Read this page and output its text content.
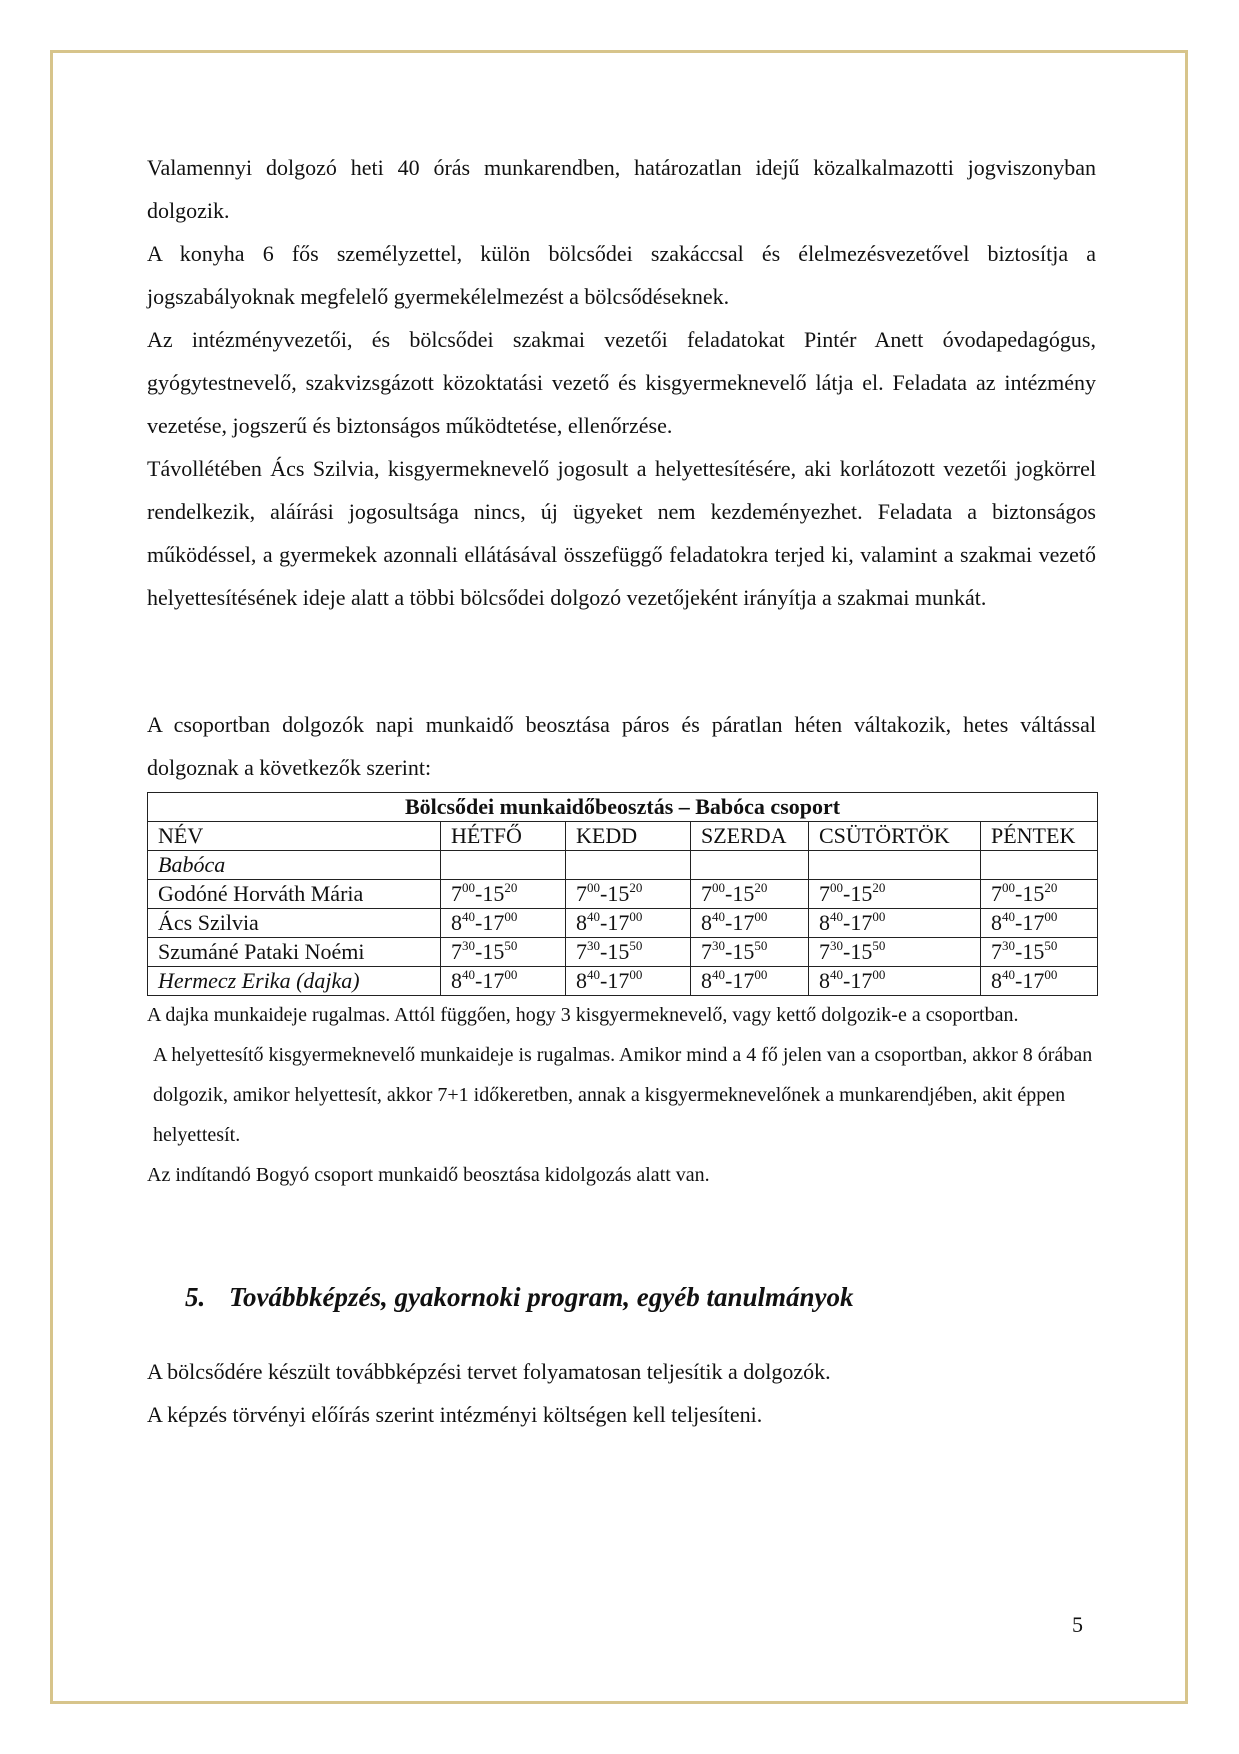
Valamennyi dolgozó heti 40 órás munkarendben, határozatlan idejű közalkalmazotti jogviszonyban dolgozik.

A konyha 6 fős személyzettel, külön bölcsődei szakáccsal és élelmezésvezetővel biztosítja a jogszabályoknak megfelelő gyermekélelmezést a bölcsődéseknek.

Az intézményvezetői, és bölcsődei szakmai vezetői feladatokat Pintér Anett óvodapedagógus, gyógytestnevelő, szakvizsgázott közoktatási vezető és kisgyermeknevelő látja el. Feladata az intézmény vezetése, jogszerű és biztonságos működtetése, ellenőrzése.

Távollétében Ács Szilvia, kisgyermeknevelő jogosult a helyettesítésére, aki korlátozott vezetői jogkörrel rendelkezik, aláírási jogosultsága nincs, új ügyeket nem kezdeményezhet. Feladata a biztonságos működéssel, a gyermekek azonnali ellátásával összefüggő feladatokra terjed ki, valamint a szakmai vezető helyettesítésének ideje alatt a többi bölcsődei dolgozó vezetőjeként irányítja a szakmai munkát.

A csoportban dolgozók napi munkaidő beosztása páros és páratlan héten váltakozik, hetes váltással dolgoznak a következők szerint:

Bölcsődei munkaidőbeosztás – Babóca csoport					
NÉV	HÉTFŐ	KEDD	SZERDA	CSÜTÖRTÖK	PÉNTEK
Babóca					
Godóné Horváth Mária	$7^{00}-15^{20}$	$7^{00}-15^{20}$	$7^{00}-15^{20}$	$7^{00}-15^{20}$	$7^{00}-15^{20}$
Ács Szilvia	$8^{40}-17^{00}$	$8^{40}-17^{00}$	$8^{40}-17^{00}$	$8^{40}-17^{00}$	$8^{40}-17^{00}$
Szumáné Pataki Noémi	$7^{30}-15^{50}$	$7^{30}-15^{50}$	$7^{30}-15^{50}$	$7^{30}-15^{50}$	$7^{30}-15^{50}$
Hermecz Erika (dajka)	$8^{40}-17^{00}$	$8^{40}-17^{00}$	$8^{40}-17^{00}$	$8^{40}-17^{00}$	$8^{40}-17^{00}$

A dajka munkaideje rugalmas. Attól függően, hogy 3 kisgyermeknevelő, vagy kettő dolgozik-e a csoportban.

A helyettesítő kisgyermeknevelő munkaideje is rugalmas. Amikor mind a 4 fő jelen van a csoportban, akkor 8 órában dolgozik, amikor helyettesít, akkor 7+1 időkeretben, annak a kisgyermeknevelőnek a munkarendjében, akit éppen helyettesít.

Az indítandó Bogyó csoport munkaidő beosztása kidolgozás alatt van.

5. Továbbképzés, gyakornoki program, egyéb tanulmányok

A bölcsődére készült továbbképzési tervet folyamatosan teljesítik a dolgozók.

A képzés törvényi előírás szerint intézményi költségen kell teljesíteni.

5
